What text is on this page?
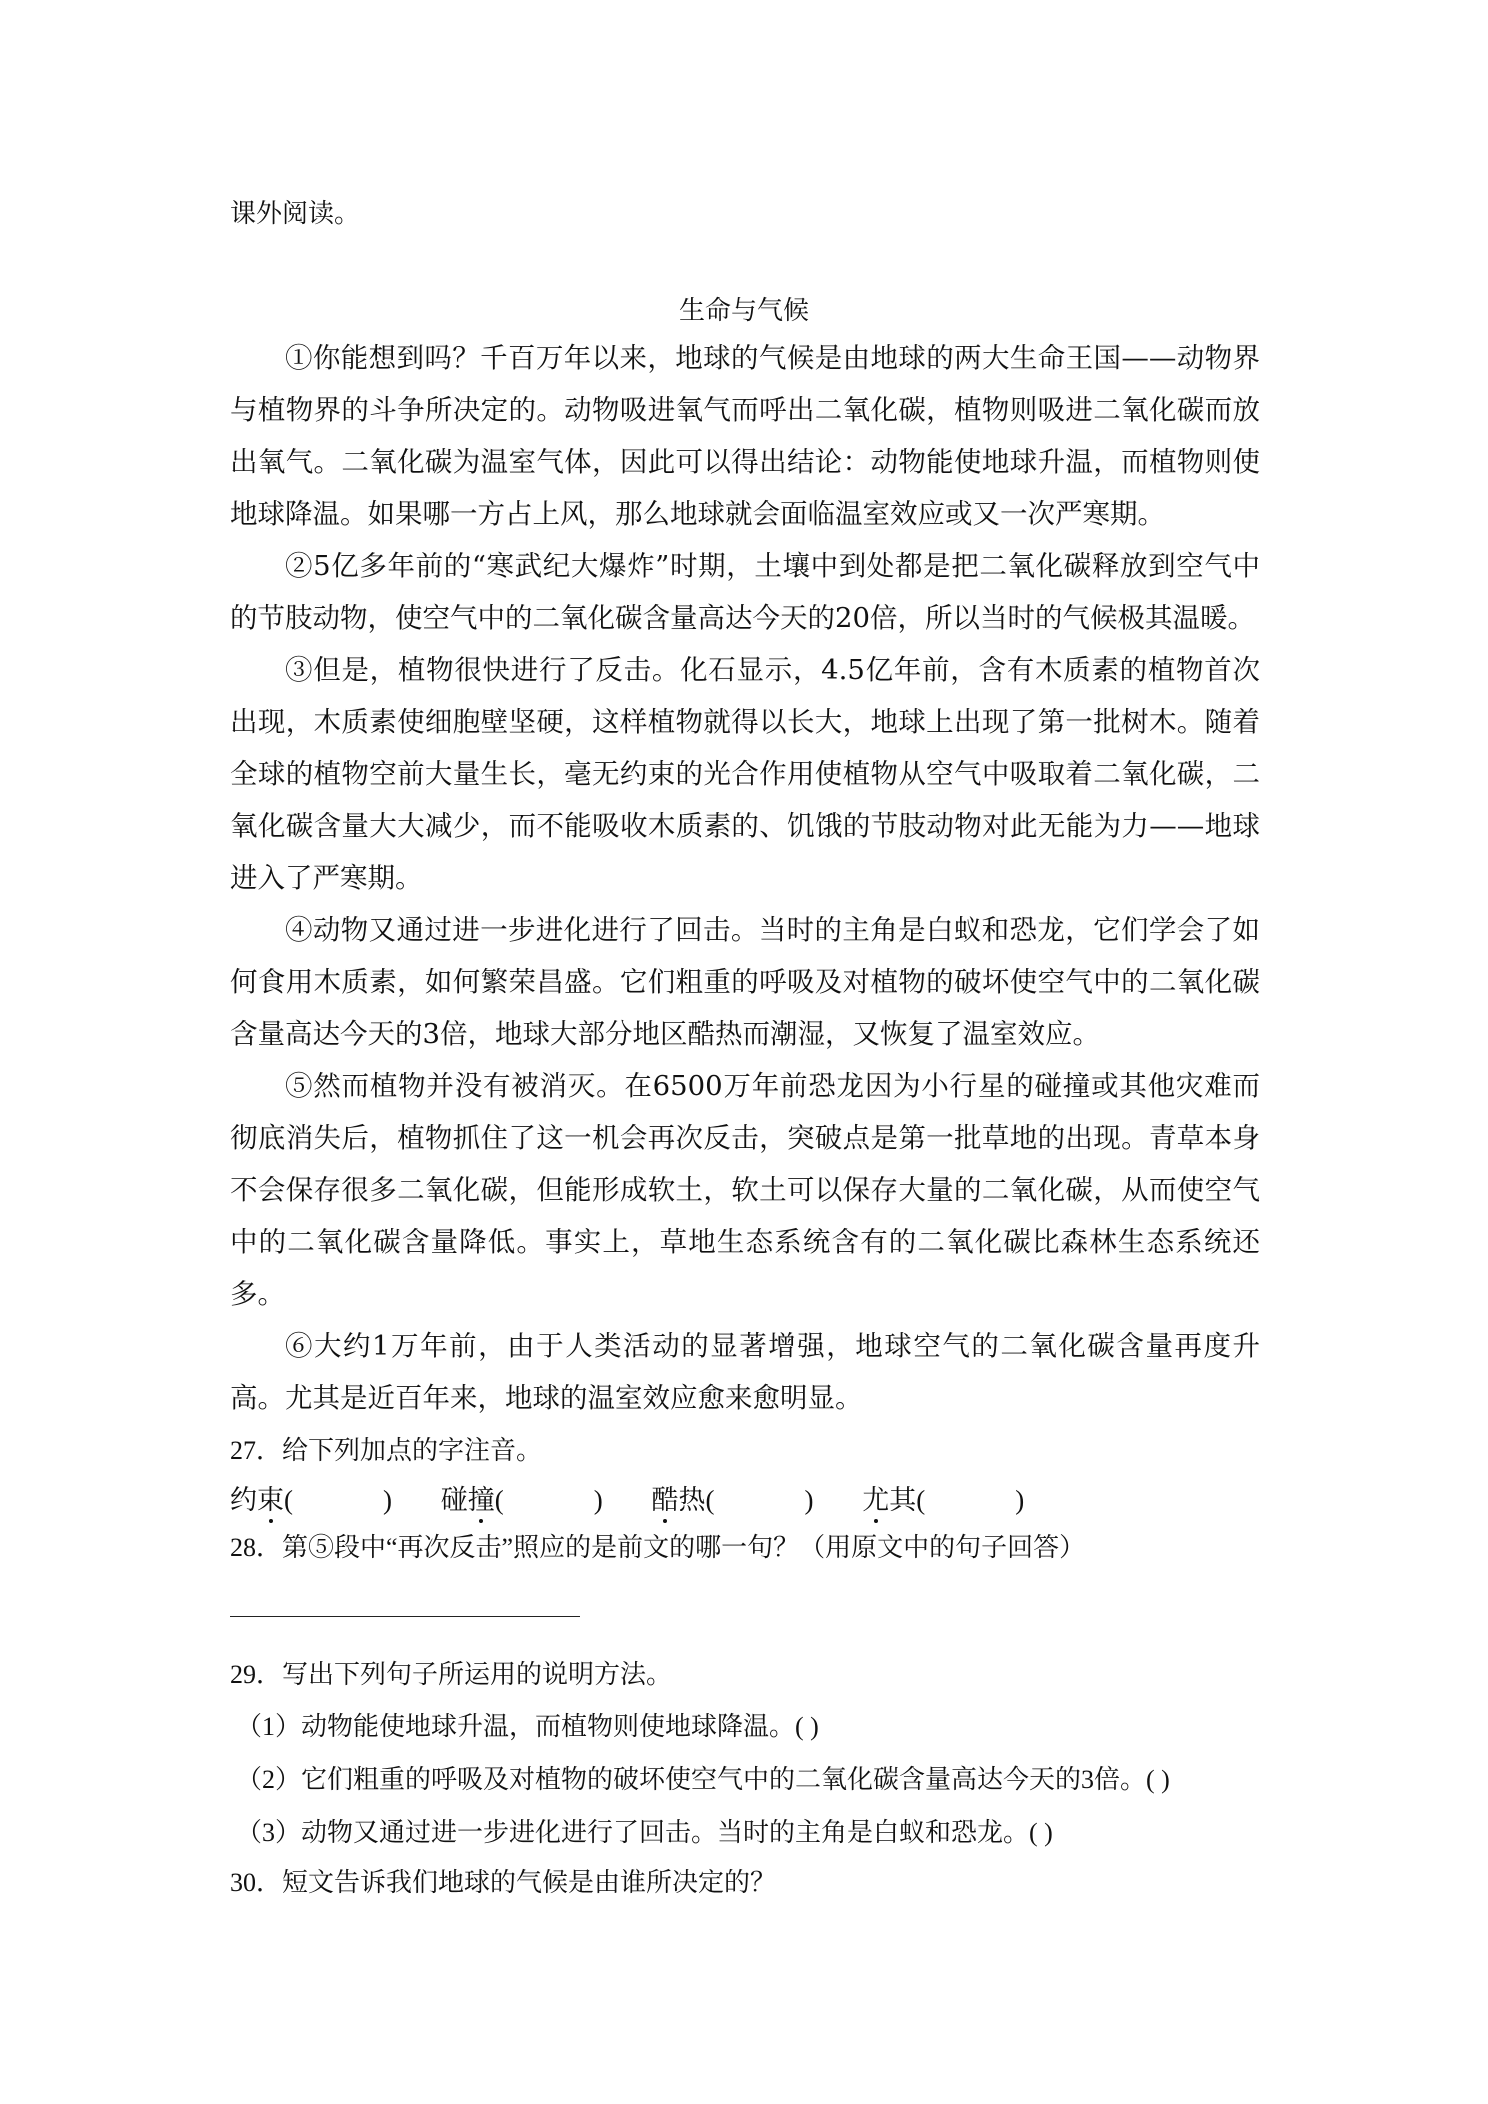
课外阅读。
生命与气候

①你能想到吗？千百万年以来，地球的气候是由地球的两大生命王国——动物界与植物界的斗争所决定的。动物吸进氧气而呼出二氧化碳，植物则吸进二氧化碳而放出氧气。二氧化碳为温室气体，因此可以得出结论：动物能使地球升温，而植物则使地球降温。如果哪一方占上风，那么地球就会面临温室效应或又一次严寒期。

②5亿多年前的“寒武纪大爆炸”时期，土壤中到处都是把二氧化碳释放到空气中的节肢动物，使空气中的二氧化碳含量高达今天的20倍，所以当时的气候极其温暖。

③但是，植物很快进行了反击。化石显示，4.5亿年前，含有木质素的植物首次出现，木质素使细胞壁坚硬，这样植物就得以长大，地球上出现了第一批树木。随着全球的植物空前大量生长，毫无约束的光合作用使植物从空气中吸取着二氧化碳，二氧化碳含量大大减少，而不能吸收木质素的、饥饿的节肢动物对此无能为力——地球进入了严寒期。

④动物又通过进一步进化进行了回击。当时的主角是白蚁和恐龙，它们学会了如何食用木质素，如何繁荣昌盛。它们粗重的呼吸及对植物的破坏使空气中的二氧化碳含量高达今天的3倍，地球大部分地区酷热而潮湿，又恢复了温室效应。

⑤然而植物并没有被消灭。在6500万年前恐龙因为小行星的碰撞或其他灾难而彻底消失后，植物抓住了这一机会再次反击，突破点是第一批草地的出现。青草本身不会保存很多二氧化碳，但能形成软土，软土可以保存大量的二氧化碳，从而使空气中的二氧化碳含量降低。事实上，草地生态系统含有的二氧化碳比森林生态系统还多。

⑥大约1万年前，由于人类活动的显著增强，地球空气的二氧化碳含量再度升高。尤其是近百年来，地球的温室效应愈来愈明显。

27．给下列加点的字注音。
约束(	) 碰撞(	) 酷热(	) 尤其(	)
28．第⑤段中“再次反击”照应的是前文的哪一句？（用原文中的句子回答）
29．写出下列句子所运用的说明方法。
（1）动物能使地球升温，而植物则使地球降温。( )
（2）它们粗重的呼吸及对植物的破坏使空气中的二氧化碳含量高达今天的3倍。( )
（3）动物又通过进一步进化进行了回击。当时的主角是白蚁和恐龙。( )
30．短文告诉我们地球的气候是由谁所决定的？
